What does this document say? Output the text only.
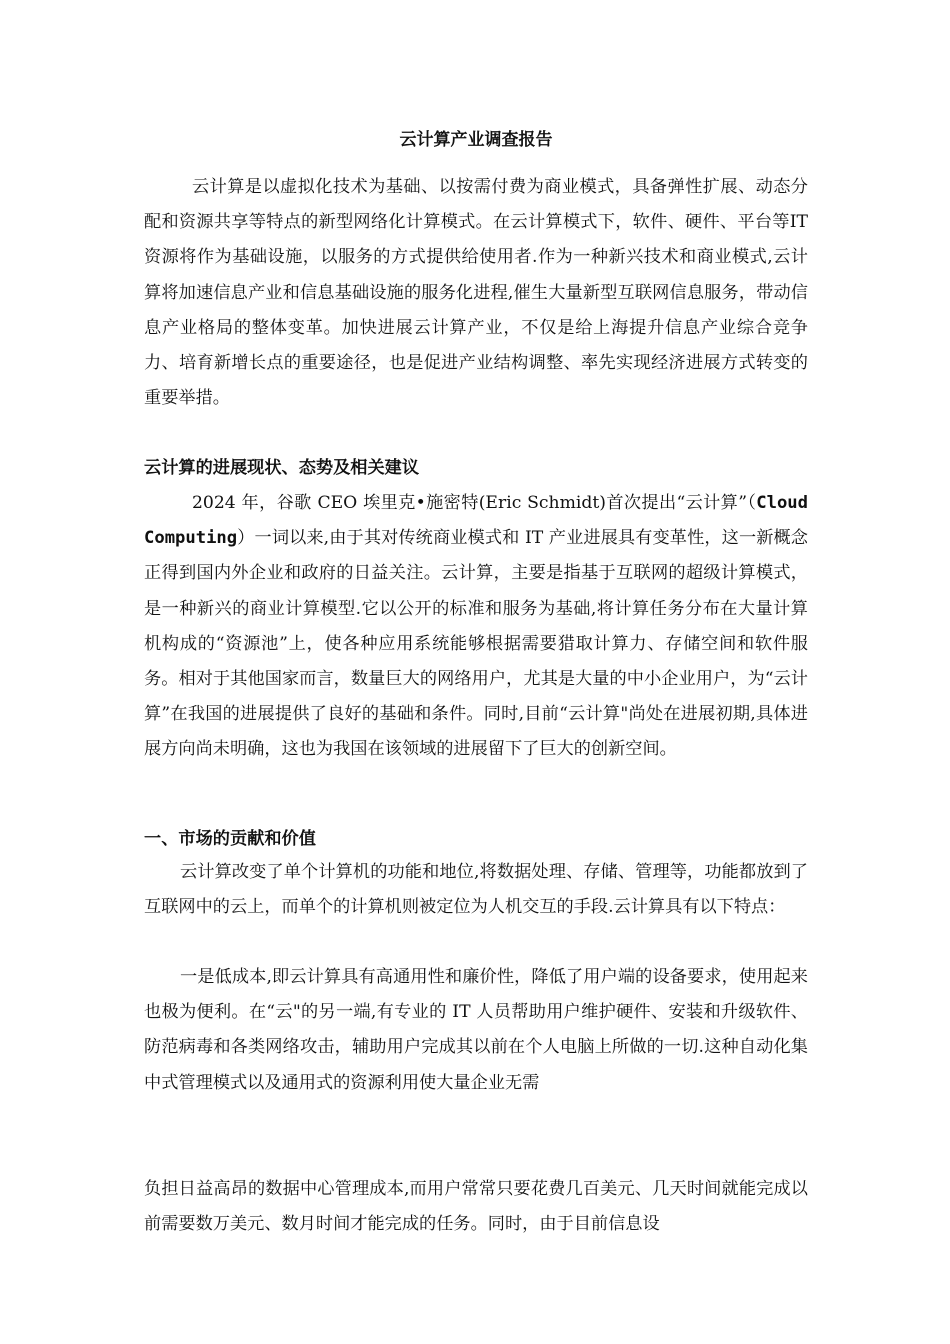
云计算产业调查报告

云计算是以虚拟化技术为基础、以按需付费为商业模式，具备弹性扩展、动态分配和资源共享等特点的新型网络化计算模式。在云计算模式下，软件、硬件、平台等IT资源将作为基础设施，以服务的方式提供给使用者.作为一种新兴技术和商业模式,云计算将加速信息产业和信息基础设施的服务化进程,催生大量新型互联网信息服务，带动信息产业格局的整体变革。加快进展云计算产业，不仅是给上海提升信息产业综合竞争力、培育新增长点的重要途径，也是促进产业结构调整、率先实现经济进展方式转变的重要举措。

云计算的进展现状、态势及相关建议

2024 年，谷歌 CEO 埃里克•施密特(Eric Schmidt)首次提出“云计算”（Cloud Computing）一词以来,由于其对传统商业模式和 IT 产业进展具有变革性，这一新概念正得到国内外企业和政府的日益关注。云计算，主要是指基于互联网的超级计算模式，是一种新兴的商业计算模型.它以公开的标准和服务为基础,将计算任务分布在大量计算机构成的“资源池”上，使各种应用系统能够根据需要猎取计算力、存储空间和软件服务。相对于其他国家而言，数量巨大的网络用户，尤其是大量的中小企业用户，为“云计算”在我国的进展提供了良好的基础和条件。同时,目前“云计算"尚处在进展初期,具体进展方向尚未明确，这也为我国在该领域的进展留下了巨大的创新空间。

一、市场的贡献和价值

云计算改变了单个计算机的功能和地位,将数据处理、存储、管理等，功能都放到了互联网中的云上，而单个的计算机则被定位为人机交互的手段.云计算具有以下特点：

一是低成本,即云计算具有高通用性和廉价性，降低了用户端的设备要求，使用起来也极为便利。在“云"的另一端,有专业的 IT 人员帮助用户维护硬件、安装和升级软件、防范病毒和各类网络攻击，辅助用户完成其以前在个人电脑上所做的一切.这种自动化集中式管理模式以及通用式的资源利用使大量企业无需

负担日益高昂的数据中心管理成本,而用户常常只要花费几百美元、几天时间就能完成以前需要数万美元、数月时间才能完成的任务。同时，由于目前信息设
